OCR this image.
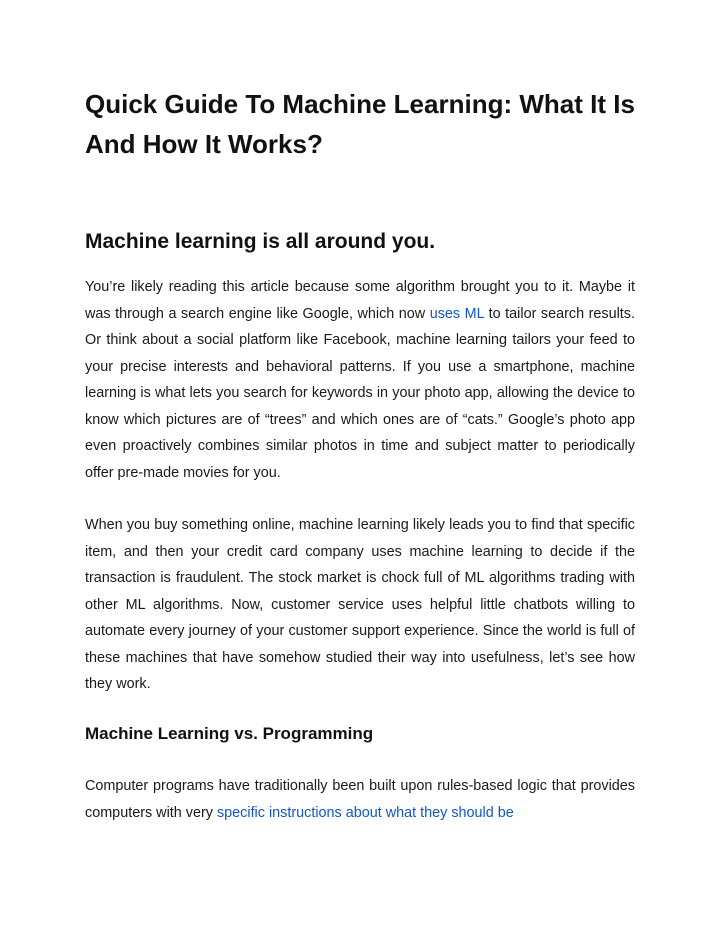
Quick Guide To Machine Learning: What It Is And How It Works?
Machine learning is all around you.

You’re likely reading this article because some algorithm brought you to it. Maybe it was through a search engine like Google, which now uses ML to tailor search results. Or think about a social platform like Facebook, machine learning tailors your feed to your precise interests and behavioral patterns. If you use a smartphone, machine learning is what lets you search for keywords in your photo app, allowing the device to know which pictures are of “trees” and which ones are of “cats.” Google’s photo app even proactively combines similar photos in time and subject matter to periodically offer pre-made movies for you.

When you buy something online, machine learning likely leads you to find that specific item, and then your credit card company uses machine learning to decide if the transaction is fraudulent. The stock market is chock full of ML algorithms trading with other ML algorithms. Now, customer service uses helpful little chatbots willing to automate every journey of your customer support experience. Since the world is full of these machines that have somehow studied their way into usefulness, let’s see how they work.

Machine Learning vs. Programming

Computer programs have traditionally been built upon rules-based logic that provides computers with very specific instructions about what they should be
